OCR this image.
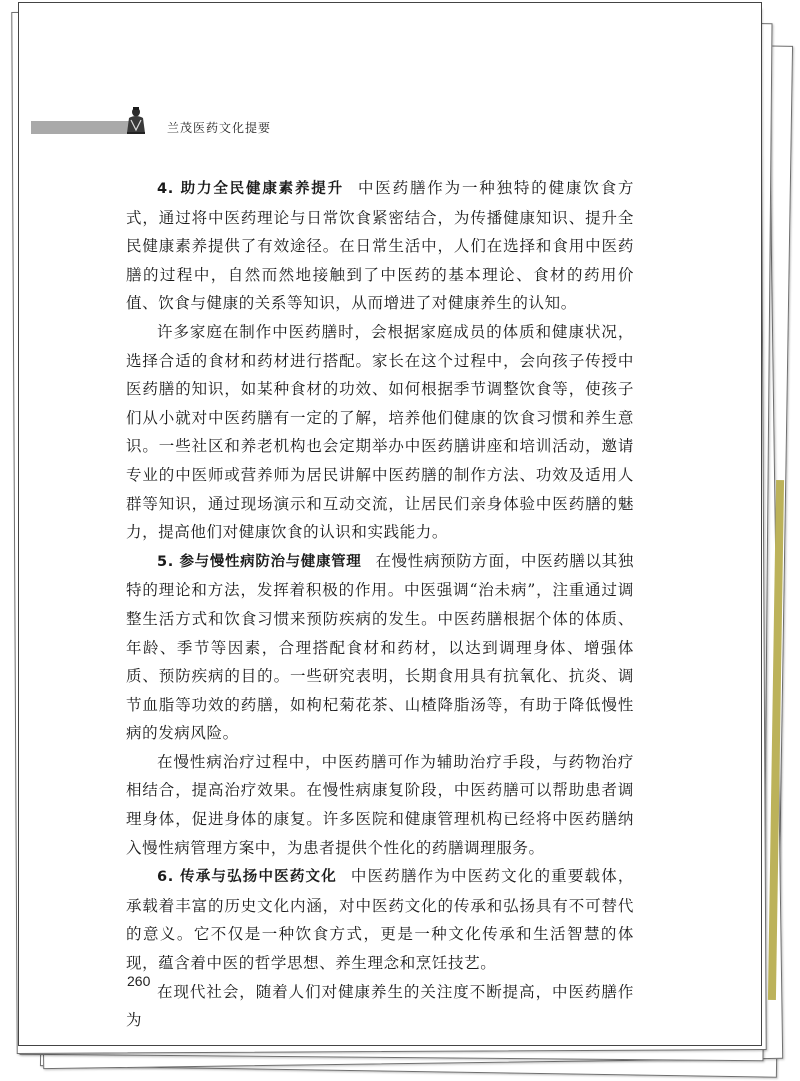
兰茂医药文化提要

4. 助力全民健康素养提升 中医药膳作为一种独特的健康饮食方式，通过将中医药理论与日常饮食紧密结合，为传播健康知识、提升全民健康素养提供了有效途径。在日常生活中，人们在选择和食用中医药膳的过程中，自然而然地接触到了中医药的基本理论、食材的药用价值、饮食与健康的关系等知识，从而增进了对健康养生的认知。

许多家庭在制作中医药膳时，会根据家庭成员的体质和健康状况，选择合适的食材和药材进行搭配。家长在这个过程中，会向孩子传授中医药膳的知识，如某种食材的功效、如何根据季节调整饮食等，使孩子们从小就对中医药膳有一定的了解，培养他们健康的饮食习惯和养生意识。一些社区和养老机构也会定期举办中医药膳讲座和培训活动，邀请专业的中医师或营养师为居民讲解中医药膳的制作方法、功效及适用人群等知识，通过现场演示和互动交流，让居民们亲身体验中医药膳的魅力，提高他们对健康饮食的认识和实践能力。

5. 参与慢性病防治与健康管理 在慢性病预防方面，中医药膳以其独特的理论和方法，发挥着积极的作用。中医强调“治未病”，注重通过调整生活方式和饮食习惯来预防疾病的发生。中医药膳根据个体的体质、年龄、季节等因素，合理搭配食材和药材，以达到调理身体、增强体质、预防疾病的目的。一些研究表明，长期食用具有抗氧化、抗炎、调节血脂等功效的药膳，如枸杞菊花茶、山楂降脂汤等，有助于降低慢性病的发病风险。

在慢性病治疗过程中，中医药膳可作为辅助治疗手段，与药物治疗相结合，提高治疗效果。在慢性病康复阶段，中医药膳可以帮助患者调理身体，促进身体的康复。许多医院和健康管理机构已经将中医药膳纳入慢性病管理方案中，为患者提供个性化的药膳调理服务。

6. 传承与弘扬中医药文化 中医药膳作为中医药文化的重要载体，承载着丰富的历史文化内涵，对中医药文化的传承和弘扬具有不可替代的意义。它不仅是一种饮食方式，更是一种文化传承和生活智慧的体现，蕴含着中医的哲学思想、养生理念和烹饪技艺。

在现代社会，随着人们对健康养生的关注度不断提高，中医药膳作为

260
